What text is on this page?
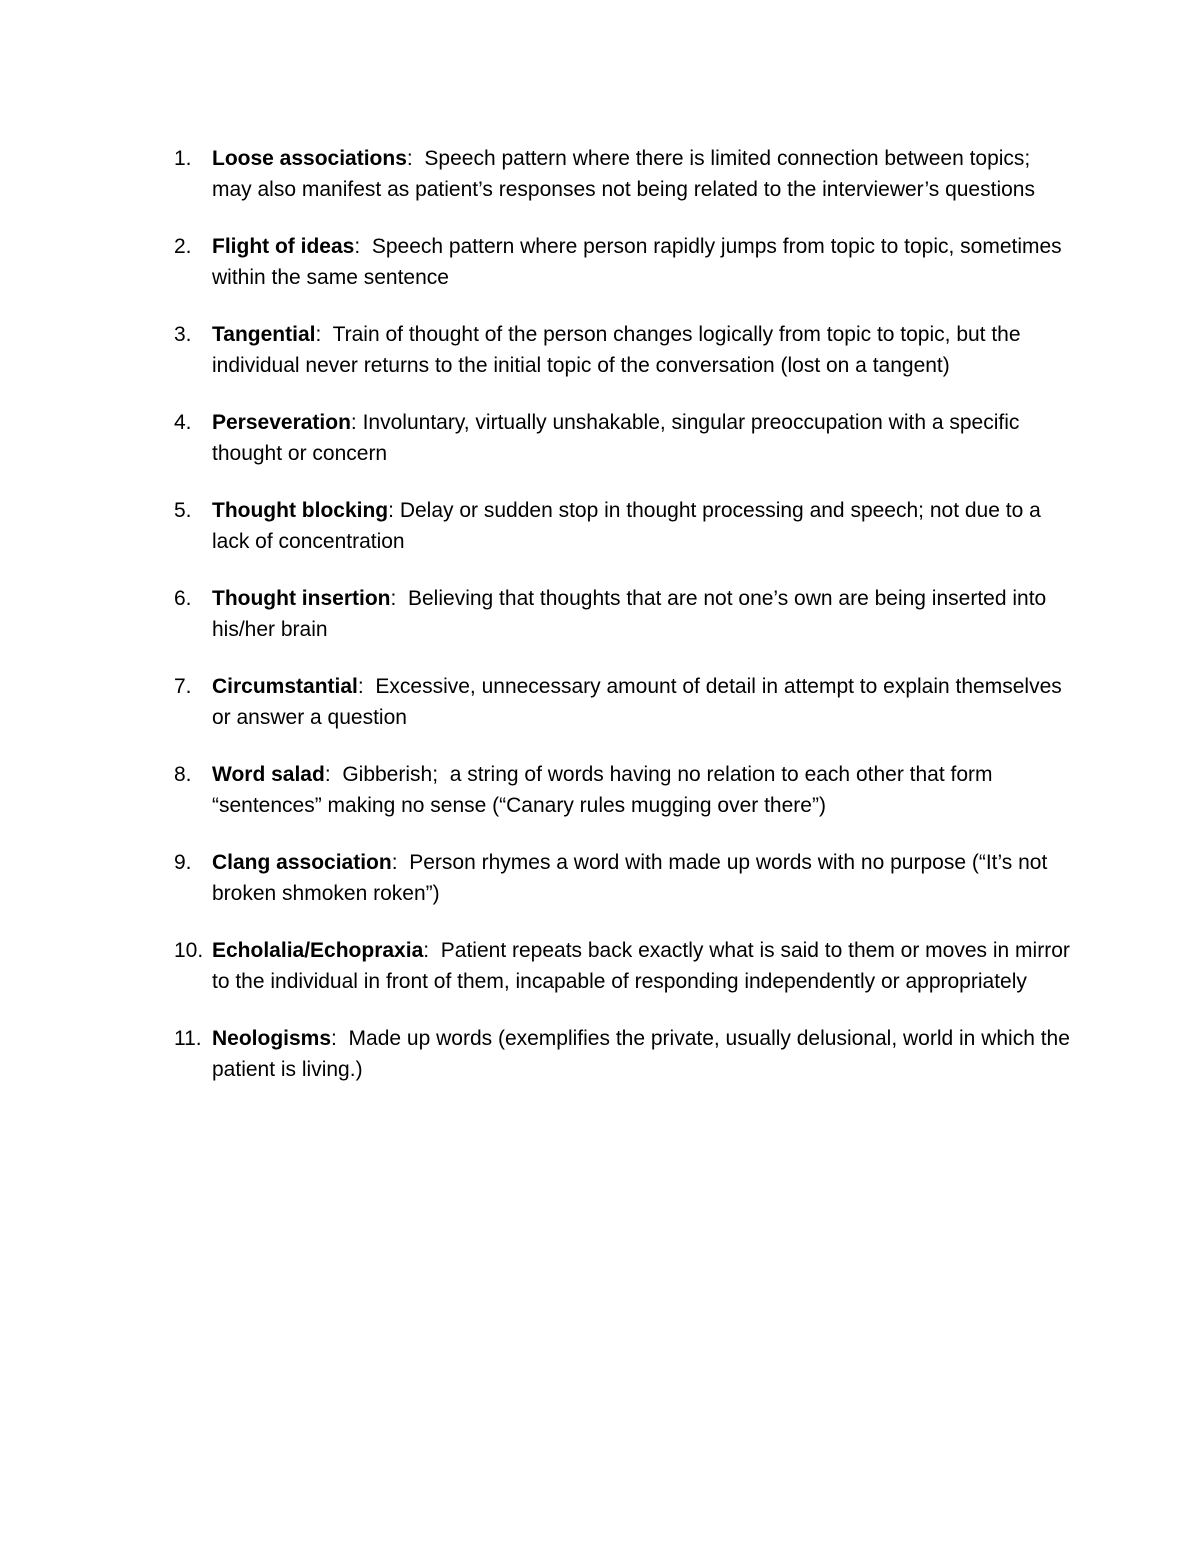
1. Loose associations:  Speech pattern where there is limited connection between topics; may also manifest as patient’s responses not being related to the interviewer’s questions
2. Flight of ideas:  Speech pattern where person rapidly jumps from topic to topic, sometimes within the same sentence
3. Tangential:  Train of thought of the person changes logically from topic to topic, but the individual never returns to the initial topic of the conversation (lost on a tangent)
4. Perseveration: Involuntary, virtually unshakable, singular preoccupation with a specific thought or concern
5. Thought blocking: Delay or sudden stop in thought processing and speech; not due to a lack of concentration
6. Thought insertion:  Believing that thoughts that are not one’s own are being inserted into his/her brain
7. Circumstantial:  Excessive, unnecessary amount of detail in attempt to explain themselves or answer a question
8. Word salad:  Gibberish;  a string of words having no relation to each other that form “sentences” making no sense (“Canary rules mugging over there”)
9. Clang association:  Person rhymes a word with made up words with no purpose (“It’s not broken shmoken roken”)
10. Echolalia/Echopraxia:  Patient repeats back exactly what is said to them or moves in mirror to the individual in front of them, incapable of responding independently or appropriately
11. Neologisms:  Made up words (exemplifies the private, usually delusional, world in which the patient is living.)
